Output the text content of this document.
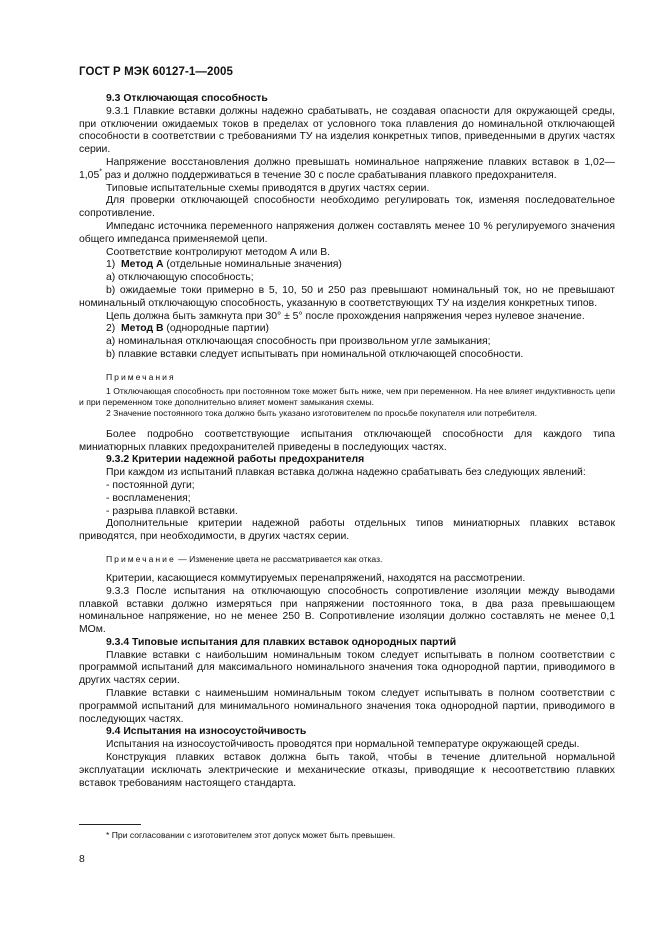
ГОСТ Р МЭК 60127-1—2005

9.3 Отключающая способность

9.3.1 Плавкие вставки должны надежно срабатывать, не создавая опасности для окружающей среды, при отключении ожидаемых токов в пределах от условного тока плавления до номинальной отключающей способности в соответствии с требованиями ТУ на изделия конкретных типов, приведенными в других частях серии.

Напряжение восстановления должно превышать номинальное напряжение плавких вставок в 1,02—1,05* раз и должно поддерживаться в течение 30 с после срабатывания плавкого предохранителя.

Типовые испытательные схемы приводятся в других частях серии.

Для проверки отключающей способности необходимо регулировать ток, изменяя последовательное сопротивление.

Импеданс источника переменного напряжения должен составлять менее 10 % регулируемого значения общего импеданса применяемой цепи.

Соответствие контролируют методом А или В.

1) Метод А (отдельные номинальные значения)

а) отключающую способность;

b) ожидаемые токи примерно в 5, 10, 50 и 250 раз превышают номинальный ток, но не превышают номинальный отключающую способность, указанную в соответствующих ТУ на изделия конкретных типов.

Цепь должна быть замкнута при 30° ± 5° после прохождения напряжения через нулевое значение.

2) Метод В (однородные партии)

а) номинальная отключающая способность при произвольном угле замыкания;

b) плавкие вставки следует испытывать при номинальной отключающей способности.

Примечания

1 Отключающая способность при постоянном токе может быть ниже, чем при переменном. На нее влияет индуктивность цепи и при переменном токе дополнительно влияет момент замыкания схемы.

2 Значение постоянного тока должно быть указано изготовителем по просьбе покупателя или потребителя.

Более подробно соответствующие испытания отключающей способности для каждого типа миниатюрных плавких предохранителей приведены в последующих частях.

9.3.2 Критерии надежной работы предохранителя

При каждом из испытаний плавкая вставка должна надежно срабатывать без следующих явлений:

- постоянной дуги;

- воспламенения;

- разрыва плавкой вставки.

Дополнительные критерии надежной работы отдельных типов миниатюрных плавких вставок приводятся, при необходимости, в других частях серии.

Примечание — Изменение цвета не рассматривается как отказ.

Критерии, касающиеся коммутируемых перенапряжений, находятся на рассмотрении.

9.3.3 После испытания на отключающую способность сопротивление изоляции между выводами плавкой вставки должно измеряться при напряжении постоянного тока, в два раза превышающем номинальное напряжение, но не менее 250 В. Сопротивление изоляции должно составлять не менее 0,1 МОм.

9.3.4 Типовые испытания для плавких вставок однородных партий

Плавкие вставки с наибольшим номинальным током следует испытывать в полном соответствии с программой испытаний для максимального номинального значения тока однородной партии, приводимого в других частях серии.

Плавкие вставки с наименьшим номинальным током следует испытывать в полном соответствии с программой испытаний для минимального номинального значения тока однородной партии, приводимого в последующих частях.

9.4 Испытания на износоустойчивость

Испытания на износоустойчивость проводятся при нормальной температуре окружающей среды.

Конструкция плавких вставок должна быть такой, чтобы в течение длительной нормальной эксплуатации исключать электрические и механические отказы, приводящие к несоответствию плавких вставок требованиям настоящего стандарта.

* При согласовании с изготовителем этот допуск может быть превышен.
8
